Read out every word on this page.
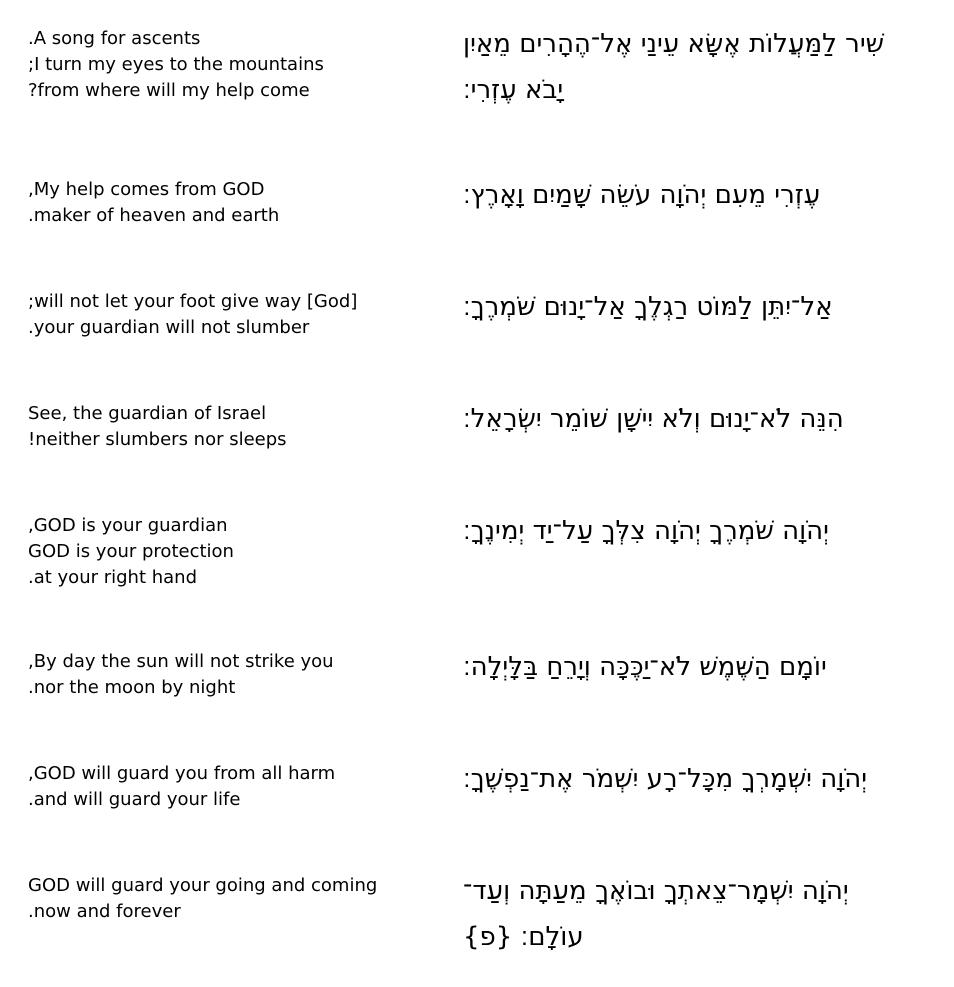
.A song for ascents
;I turn my eyes to the mountains
?from where will my help come
שִׁיר לַמַּעֲלוֹת אֶשָּׂא עֵינַי אֶל־הֶהָרִים מֵאַיִן
יָבֹא עֶזְרִי׃
,My help comes from GOD
.maker of heaven and earth
עֶזְרִי מֵעִם יְהֹוָה עֹשֵׂה שָׁמַיִם וָאָרֶץ׃
;will not let your foot give way [God]
.your guardian will not slumber
אַל־יִתֵּן לַמּוֹט רַגְלֶךָ אַל־יָנוּם שֹׁמְרֶךָ׃
See, the guardian of Israel
!neither slumbers nor sleeps
הִנֵּה לֹא־יָנוּם וְלֹא יִישָׁן שׁוֹמֵר יִשְׂרָאֵל׃
,GOD is your guardian
GOD is your protection
.at your right hand
יְהֹוָה שֹׁמְרֶךָ יְהֹוָה צִלְּךָ עַל־יַד יְמִינֶךָ׃
,By day the sun will not strike you
.nor the moon by night
יוֹמָם הַשֶּׁמֶשׁ לֹא־יַכֶּכָּה וְיָרֵחַ בַּלָּיְלָה׃
,GOD will guard you from all harm
.and will guard your life
יְהֹוָה יִשְׁמָרְךָ מִכָּל־רָע יִשְׁמֹר אֶת־נַפְשֶׁךָ׃
GOD will guard your going and coming
.now and forever
יְהֹוָה יִשְׁמָר־צֵאתְךָ וּבוֹאֶךָ מֵעַתָּה וְעַד־
עוֹלָם׃ {פ}
